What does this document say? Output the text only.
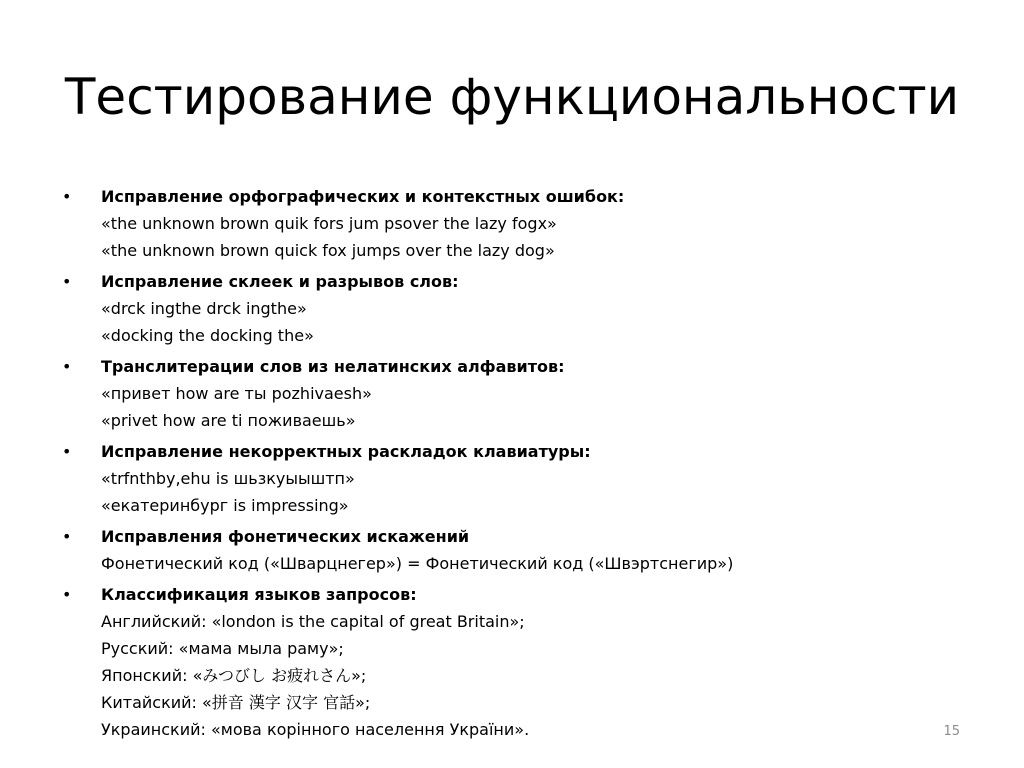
Тестирование функциональности
•	Исправление орфографических и контекстных ошибок:
«the unknown brown quik fors jum psover the lazy fogx»
«the unknown brown quick fox jumps over the lazy dog»
•	Исправление склеек и разрывов слов:
«drck ingthe drck ingthe»
«docking the docking the»
•	Транслитерации слов из нелатинских алфавитов:
«привет how are ты pozhivaesh»
«privet how are ti поживаешь»
•	Исправление некорректных раскладок клавиатуры:
«trfnthby,ehu is шьзкуыыштп»
«екатеринбург is impressing»
•	Исправления фонетических искажений
Фонетический код («Шварцнегер») = Фонетический код («Швэртснегир»)
•	Классификация языков запросов:
Английский: «london is the capital of great Britain»;
Русский: «мама мыла раму»;
Японский: «みつびし お疲れさん»;
Китайский: «拼音 漢字 汉字 官話»;
Украинский: «мова корінного населення України».	15
